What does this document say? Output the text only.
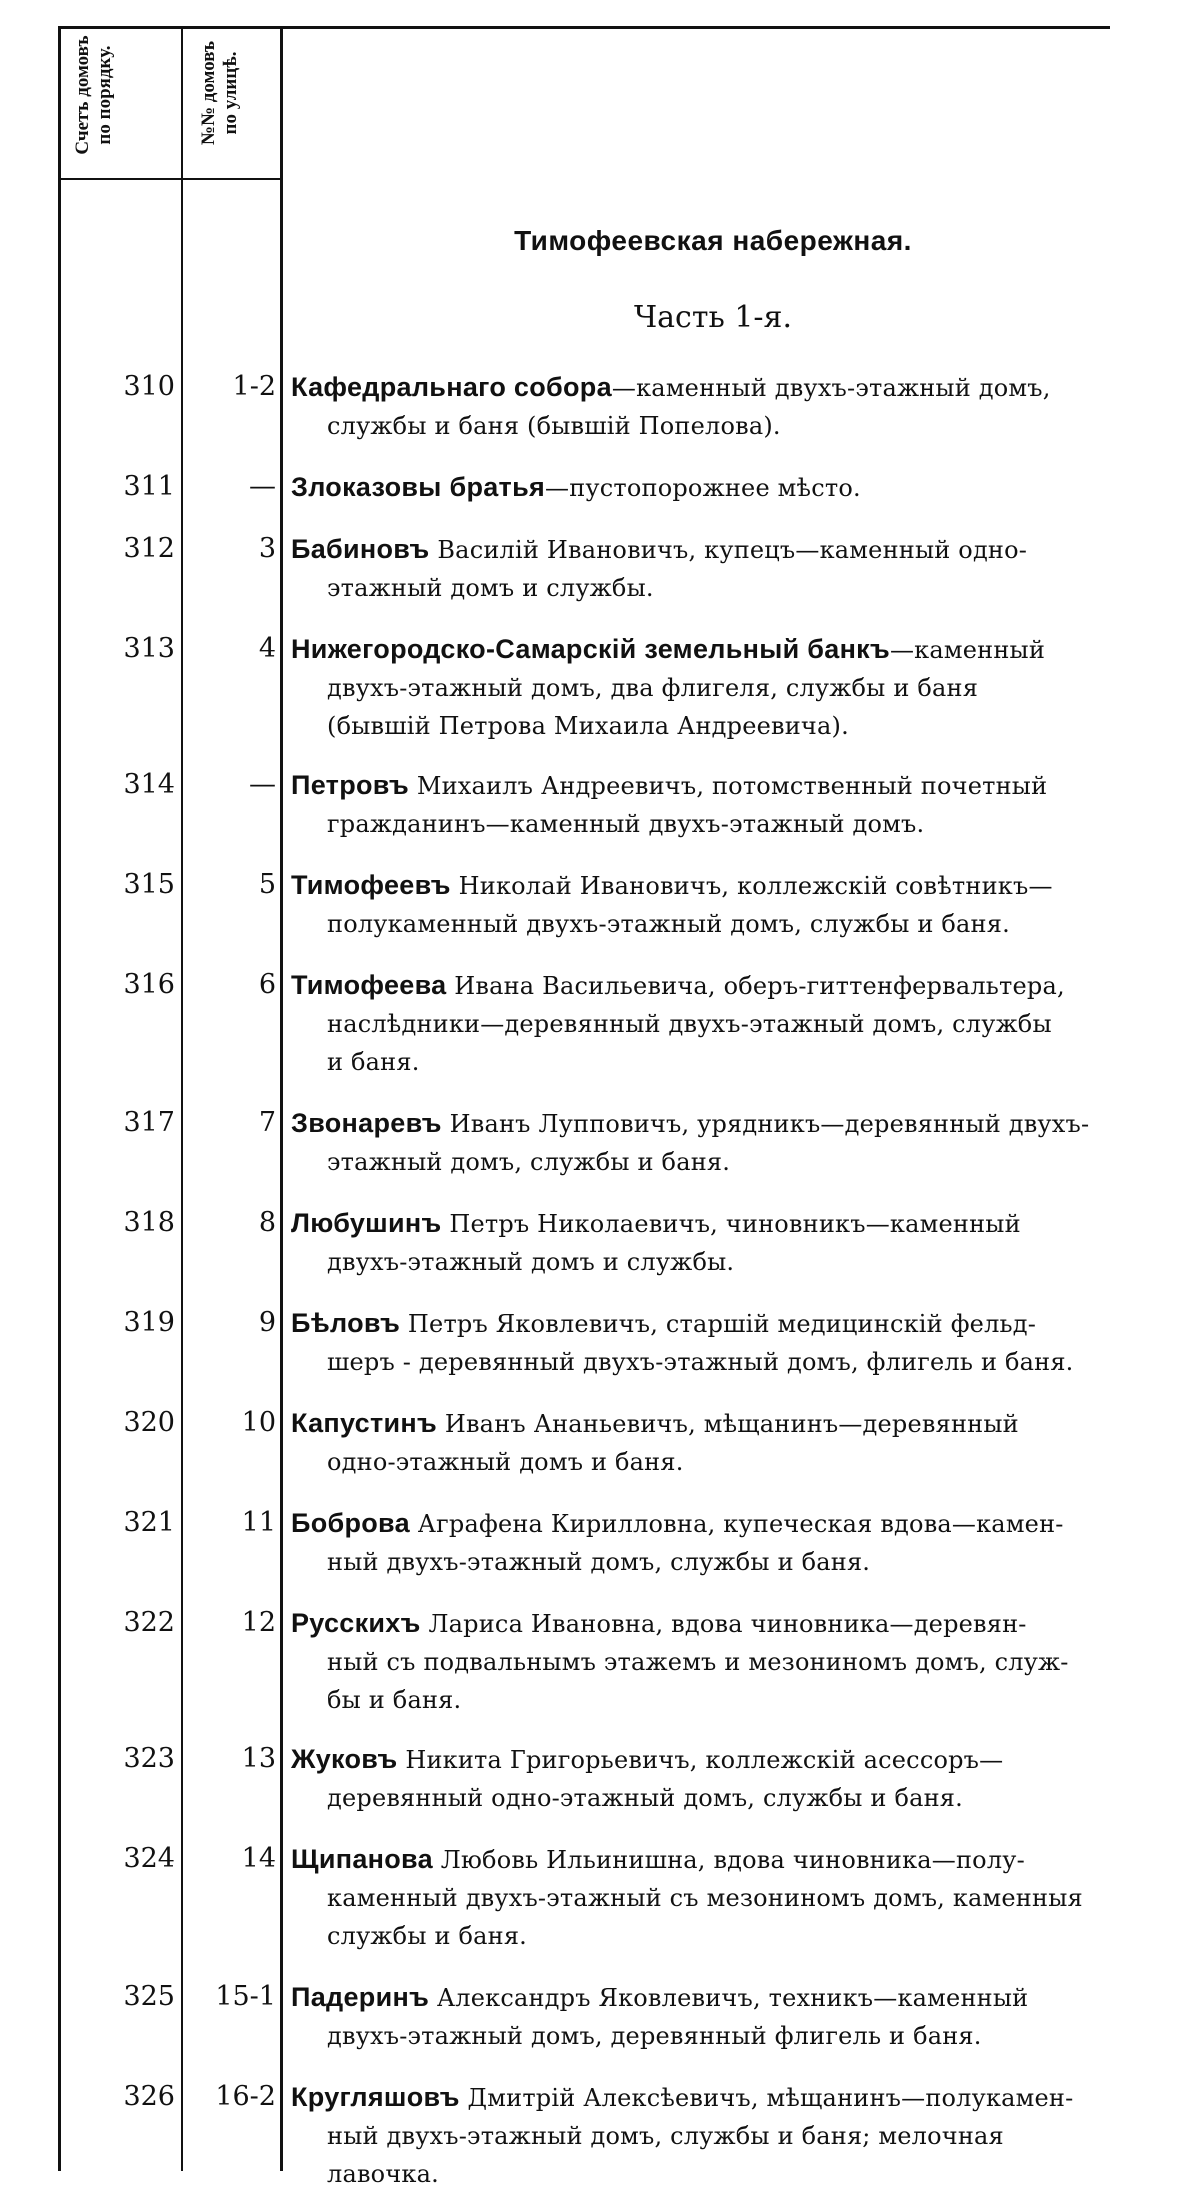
Счетъ домовъ по порядку.	№№ домовъ по улицѣ.
Тимофеевская набережная.
Часть 1-я.
310	1-2 Кафедральнаго собора—каменный двухъ-этажный домъ,
службы и баня (бывшій Попелова).
311	— Злоказовы братья—пустопорожнее мѣсто.
312	3 Бабиновъ Василій Ивановичъ, купецъ—каменный одно-
этажный домъ и службы.
313	4 Нижегородско-Самарскій земельный банкъ—каменный
двухъ-этажный домъ, два флигеля, службы и баня
(бывшій Петрова Михаила Андреевича).
314	— Петровъ Михаилъ Андреевичъ, потомственный почетный
гражданинъ—каменный двухъ-этажный домъ.
315	5 Тимофеевъ Николай Ивановичъ, коллежскій совѣтникъ—
полукаменный двухъ-этажный домъ, службы и баня.
316	6 Тимофеева Ивана Васильевича, оберъ-гиттенфервальтера,
наслѣдники—деревянный двухъ-этажный домъ, службы
и баня.
317	7 Звонаревъ Иванъ Лупповичъ, урядникъ—деревянный двухъ-
этажный домъ, службы и баня.
318	8 Любушинъ Петръ Николаевичъ, чиновникъ—каменный
двухъ-этажный домъ и службы.
319	9 Бѣловъ Петръ Яковлевичъ, старшій медицинскій фельд-
шеръ - деревянный двухъ-этажный домъ, флигель и баня.
320	10 Капустинъ Иванъ Ананьевичъ, мѣщанинъ—деревянный
одно-этажный домъ и баня.
321	11 Боброва Аграфена Кирилловна, купеческая вдова—камен-
ный двухъ-этажный домъ, службы и баня.
322	12 Русскихъ Лариса Ивановна, вдова чиновника—деревян-
ный съ подвальнымъ этажемъ и мезониномъ домъ, служ-
бы и баня.
323	13 Жуковъ Никита Григорьевичъ, коллежскій асессоръ—
деревянный одно-этажный домъ, службы и баня.
324	14 Щипанова Любовь Ильинишна, вдова чиновника—полу-
каменный двухъ-этажный съ мезониномъ домъ, каменныя
службы и баня.
325	15-1 Падеринъ Александръ Яковлевичъ, техникъ—каменный
двухъ-этажный домъ, деревянный флигель и баня.
326	16-2 Кругляшовъ Дмитрій Алексѣевичъ, мѣщанинъ—полукамен-
ный двухъ-этажный домъ, службы и баня; мелочная
лавочка.
